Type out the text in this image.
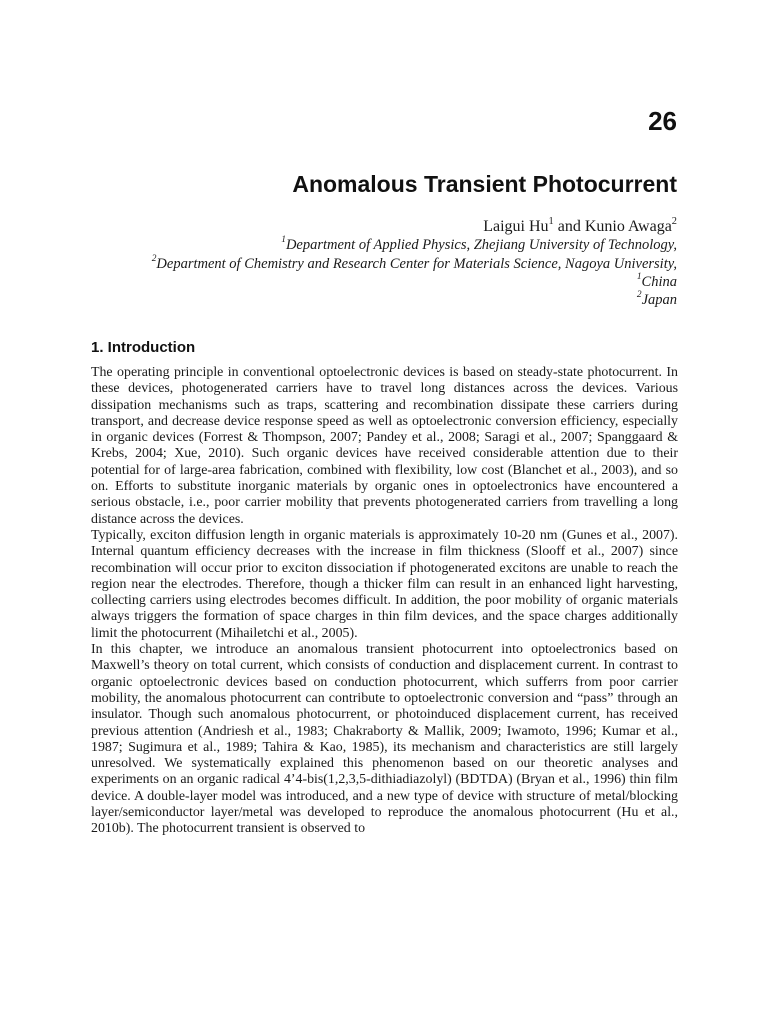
26
Anomalous Transient Photocurrent
Laigui Hu$^1$ and Kunio Awaga$^2$
$^1$Department of Applied Physics, Zhejiang University of Technology,
$^2$Department of Chemistry and Research Center for Materials Science, Nagoya University,
$^1$China
$^2$Japan
1. Introduction

The operating principle in conventional optoelectronic devices is based on steady-state photocurrent. In these devices, photogenerated carriers have to travel long distances across the devices. Various dissipation mechanisms such as traps, scattering and recombination dissipate these carriers during transport, and decrease device response speed as well as optoelectronic conversion efficiency, especially in organic devices (Forrest & Thompson, 2007; Pandey et al., 2008; Saragi et al., 2007; Spanggaard & Krebs, 2004; Xue, 2010). Such organic devices have received considerable attention due to their potential for of large-area fabrication, combined with flexibility, low cost (Blanchet et al., 2003), and so on. Efforts to substitute inorganic materials by organic ones in optoelectronics have encountered a serious obstacle, i.e., poor carrier mobility that prevents photogenerated carriers from travelling a long distance across the devices.

Typically, exciton diffusion length in organic materials is approximately 10-20 nm (Gunes et al., 2007). Internal quantum efficiency decreases with the increase in film thickness (Slooff et al., 2007) since recombination will occur prior to exciton dissociation if photogenerated excitons are unable to reach the region near the electrodes. Therefore, though a thicker film can result in an enhanced light harvesting, collecting carriers using electrodes becomes difficult. In addition, the poor mobility of organic materials always triggers the formation of space charges in thin film devices, and the space charges additionally limit the photocurrent (Mihailetchi et al., 2005).

In this chapter, we introduce an anomalous transient photocurrent into optoelectronics based on Maxwell’s theory on total current, which consists of conduction and displacement current. In contrast to organic optoelectronic devices based on conduction photocurrent, which sufferrs from poor carrier mobility, the anomalous photocurrent can contribute to optoelectronic conversion and “pass” through an insulator. Though such anomalous photocurrent, or photoinduced displacement current, has received previous attention (Andriesh et al., 1983; Chakraborty & Mallik, 2009; Iwamoto, 1996; Kumar et al., 1987; Sugimura et al., 1989; Tahira & Kao, 1985), its mechanism and characteristics are still largely unresolved. We systematically explained this phenomenon based on our theoretic analyses and experiments on an organic radical 4’4-bis(1,2,3,5-dithiadiazolyl) (BDTDA) (Bryan et al., 1996) thin film device. A double-layer model was introduced, and a new type of device with structure of metal/blocking layer/semiconductor layer/metal was developed to reproduce the anomalous photocurrent (Hu et al., 2010b). The photocurrent transient is observed to
